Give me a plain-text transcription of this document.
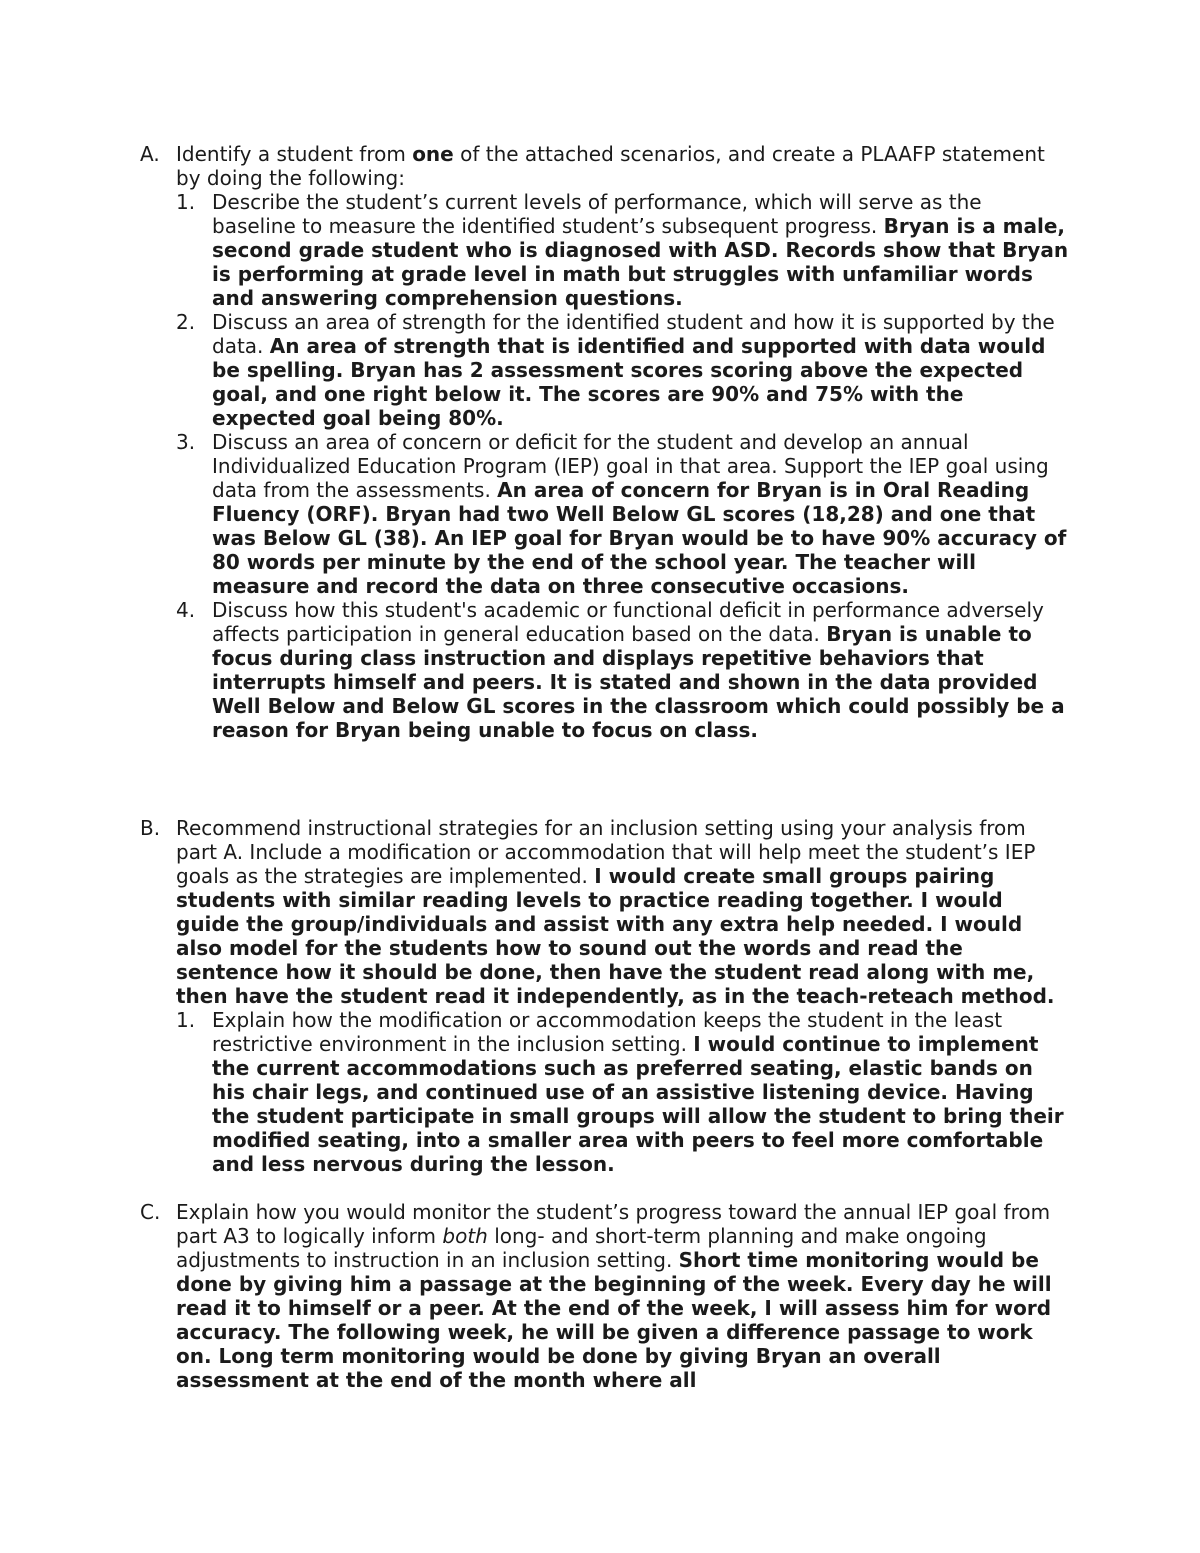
A. Identify a student from one of the attached scenarios, and create a PLAAFP statement by doing the following:
1. Describe the student’s current levels of performance, which will serve as the baseline to measure the identified student’s subsequent progress. Bryan is a male, second grade student who is diagnosed with ASD. Records show that Bryan is performing at grade level in math but struggles with unfamiliar words and answering comprehension questions.
2. Discuss an area of strength for the identified student and how it is supported by the data. An area of strength that is identified and supported with data would be spelling. Bryan has 2 assessment scores scoring above the expected goal, and one right below it. The scores are 90% and 75% with the expected goal being 80%.
3. Discuss an area of concern or deficit for the student and develop an annual Individualized Education Program (IEP) goal in that area. Support the IEP goal using data from the assessments. An area of concern for Bryan is in Oral Reading Fluency (ORF). Bryan had two Well Below GL scores (18,28) and one that was Below GL (38). An IEP goal for Bryan would be to have 90% accuracy of 80 words per minute by the end of the school year. The teacher will measure and record the data on three consecutive occasions.
4. Discuss how this student's academic or functional deficit in performance adversely affects participation in general education based on the data. Bryan is unable to focus during class instruction and displays repetitive behaviors that interrupts himself and peers. It is stated and shown in the data provided Well Below and Below GL scores in the classroom which could possibly be a reason for Bryan being unable to focus on class.
B. Recommend instructional strategies for an inclusion setting using your analysis from part A. Include a modification or accommodation that will help meet the student’s IEP goals as the strategies are implemented. I would create small groups pairing students with similar reading levels to practice reading together. I would guide the group/individuals and assist with any extra help needed. I would also model for the students how to sound out the words and read the sentence how it should be done, then have the student read along with me, then have the student read it independently, as in the teach-reteach method.
1. Explain how the modification or accommodation keeps the student in the least restrictive environment in the inclusion setting. I would continue to implement the current accommodations such as preferred seating, elastic bands on his chair legs, and continued use of an assistive listening device. Having the student participate in small groups will allow the student to bring their modified seating, into a smaller area with peers to feel more comfortable and less nervous during the lesson.
C. Explain how you would monitor the student’s progress toward the annual IEP goal from part A3 to logically inform both long- and short-term planning and make ongoing adjustments to instruction in an inclusion setting. Short time monitoring would be done by giving him a passage at the beginning of the week. Every day he will read it to himself or a peer. At the end of the week, I will assess him for word accuracy. The following week, he will be given a difference passage to work on. Long term monitoring would be done by giving Bryan an overall assessment at the end of the month where all
